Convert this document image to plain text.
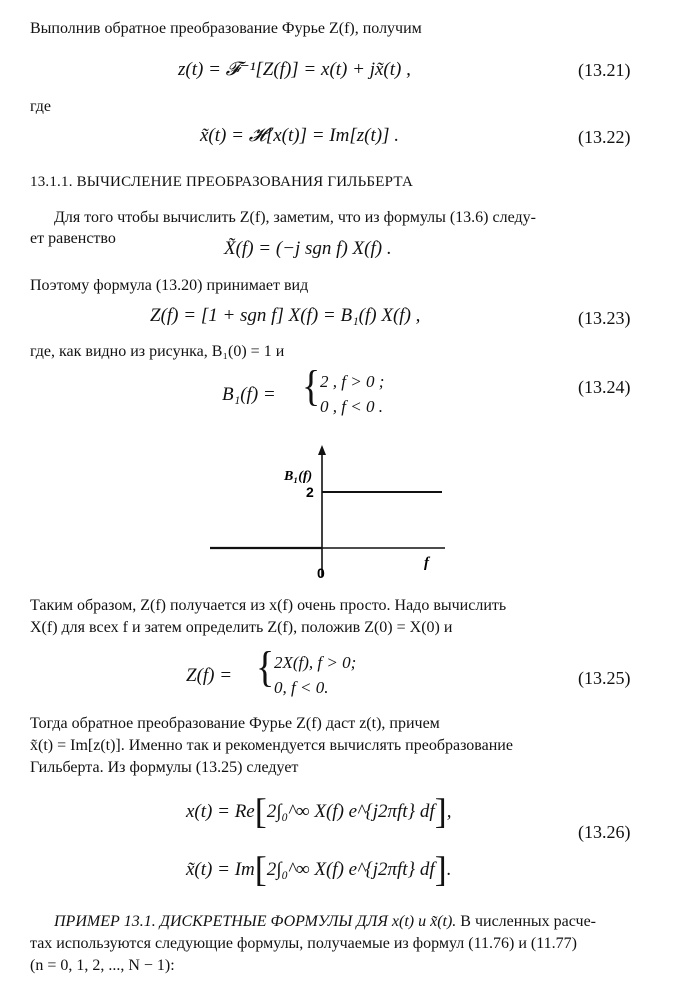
Выполнив обратное преобразование Фурье Z(f), получим
z(t) = 𝓕⁻¹[Z(f)] = x(t) + jx̃(t) ,	(13.21)
где
x̃(t) = 𝓗[x(t)] = Im[z(t)] .	(13.22)
13.1.1. ВЫЧИСЛЕНИЕ ПРЕОБРАЗОВАНИЯ ГИЛЬБЕРТА
Для того чтобы вычислить Z(f), заметим, что из формулы (13.6) следу-
ет равенство	X̃(f) = (−j sgn f) X(f) .
Поэтому формула (13.20) принимает вид
Z(f) = [1 + sgn f] X(f) = B₁(f) X(f) ,	(13.23)
где, как видно из рисунка, B₁(0) = 1 и
B₁(f) = { 2 , f > 0 ;
0 , f < 0 .
(13.24)
B₁(f)
2
0
f
Таким образом, Z(f) получается из x(f) очень просто. Надо вычислить
X(f) для всех f и затем определить Z(f), положив Z(0) = X(0) и
Z(f) = { 2X(f), f > 0;
0, f < 0.	(13.25)
Тогда обратное преобразование Фурье Z(f) даст z(t), причем
x̃(t) = Im[z(t)]. Именно так и рекомендуется вычислять преобразование
Гильберта. Из формулы (13.25) следует
x(t) = Re[2∫₀^∞ X(f) e^{j2πft} df],
(13.26)
x̃(t) = Im[2∫₀^∞ X(f) e^{j2πft} df].
ПРИМЕР 13.1. ДИСКРЕТНЫЕ ФОРМУЛЫ ДЛЯ x(t) и x̃(t). В численных расче-
тах используются следующие формулы, получаемые из формул (11.76) и (11.77)
(n = 0, 1, 2, ..., N − 1):
